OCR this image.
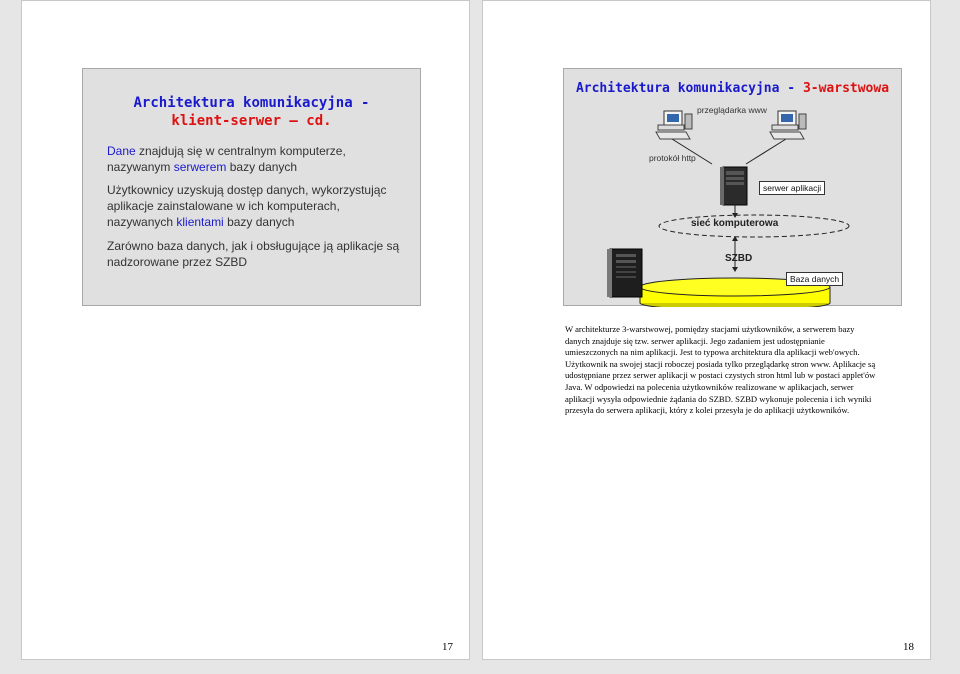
Architektura komunikacyjna -
klient-serwer – cd.
Dane znajdują się w centralnym komputerze, nazywanym serwerem bazy danych
Użytkownicy uzyskują dostęp danych, wykorzystując aplikacje zainstalowane w ich komputerach, nazywanych klientami bazy danych
Zarówno baza danych, jak i obsługujące ją aplikacje są nadzorowane przez SZBD
17
Architektura komunikacyjna - 3-warstwowa
przeglądarka www
protokół http
serwer aplikacji
sieć komputerowa
SZBD
Baza danych
W architekturze 3-warstwowej, pomiędzy stacjami użytkowników, a serwerem bazy danych znajduje się tzw. serwer aplikacji. Jego zadaniem jest udostępnianie umieszczonych na nim aplikacji. Jest to typowa architektura dla aplikacji web'owych. Użytkownik na swojej stacji roboczej posiada tylko przeglądarkę stron www. Aplikacje są udostępniane przez serwer aplikacji w postaci czystych stron html lub w postaci applet'ów Java. W odpowiedzi na polecenia użytkowników realizowane w aplikacjach, serwer aplikacji wysyła odpowiednie żądania do SZBD. SZBD wykonuje polecenia i ich wyniki przesyła do serwera aplikacji, który z kolei przesyła je do aplikacji użytkowników.
18
